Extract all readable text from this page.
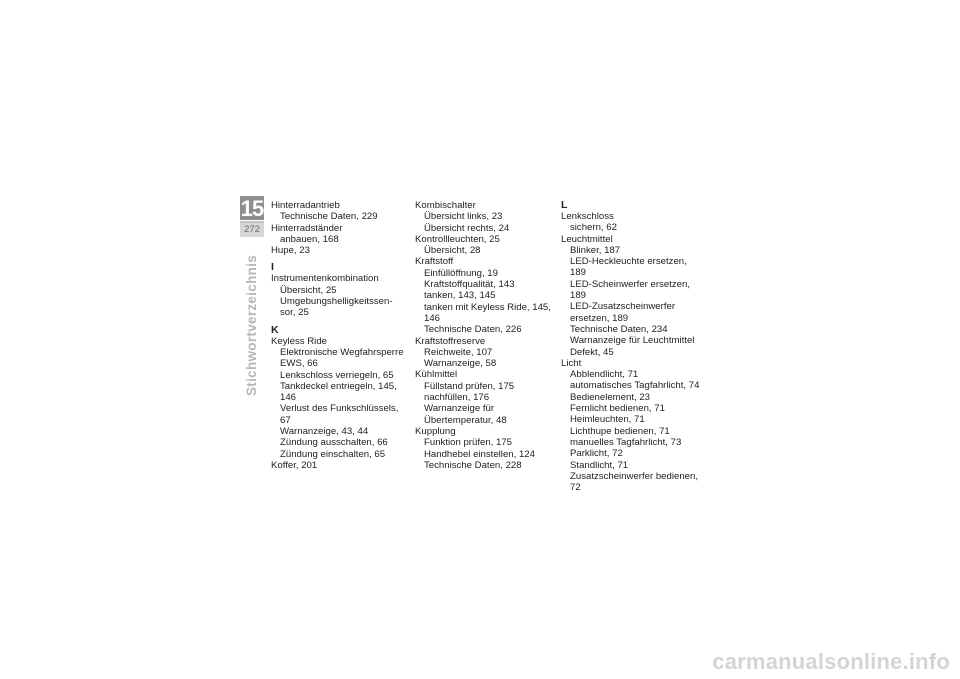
15
272
Stichwortverzeichnis
Hinterradantrieb
Technische Daten, 229
Hinterradständer
anbauen, 168
Hupe, 23
I
Instrumentenkombination
Übersicht, 25
Umgebungshelligkeitssen-
sor, 25
K
Keyless Ride
Elektronische Wegfahrsperre EWS, 66
Lenkschloss verriegeln, 65
Tankdeckel entriegeln, 145, 146
Verlust des Funkschlüssels, 67
Warnanzeige, 43, 44
Zündung ausschalten, 66
Zündung einschalten, 65
Koffer, 201
Kombischalter
Übersicht links, 23
Übersicht rechts, 24
Kontrollleuchten, 25
Übersicht, 28
Kraftstoff
Einfüllöffnung, 19
Kraftstoffqualität, 143
tanken, 143, 145
tanken mit Keyless Ride, 145, 146
Technische Daten, 226
Kraftstoffreserve
Reichweite, 107
Warnanzeige, 58
Kühlmittel
Füllstand prüfen, 175
nachfüllen, 176
Warnanzeige für Übertemperatur, 48
Kupplung
Funktion prüfen, 175
Handhebel einstellen, 124
Technische Daten, 228
L
Lenkschloss
sichern, 62
Leuchtmittel
Blinker, 187
LED-Heckleuchte ersetzen, 189
LED-Scheinwerfer ersetzen, 189
LED-Zusatzscheinwerfer ersetzen, 189
Technische Daten, 234
Warnanzeige für Leuchtmittel Defekt, 45
Licht
Abblendlicht, 71
automatisches Tagfahrlicht, 74
Bedienelement, 23
Fernlicht bedienen, 71
Heimleuchten, 71
Lichthupe bedienen, 71
manuelles Tagfahrlicht, 73
Parklicht, 72
Standlicht, 71
Zusatzscheinwerfer bedienen, 72
carmanualsonline.info
